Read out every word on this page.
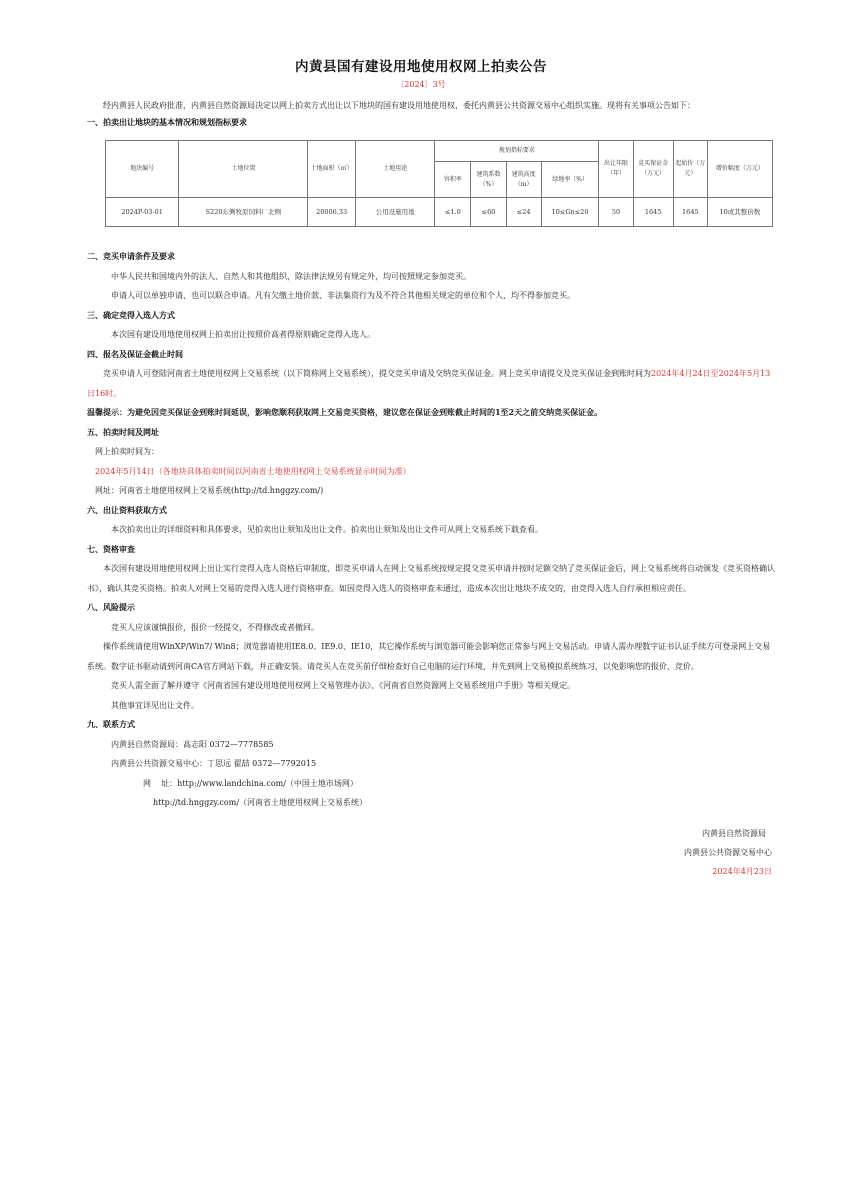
内黄县国有建设用地使用权网上拍卖公告
〔2024〕3号

经内黄县人民政府批准，内黄县自然资源局决定以网上拍卖方式出让以下地块的国有建设用地使用权，委托内黄县公共资源交易中心组织实施。现将有关事项公告如下：

一、拍卖出让地块的基本情况和规划指标要求

地块编号	土地位置	土地面积（㎡）	土地用途	规划指标要求				出让年限（年）	竞买保证金（万元）	起始价（万元）	增价幅度（万元）
				容积率	建筑系数（%）	建筑高度（m）	绿地率（%）				
2024P-03-01	S220东侧牧原饲料厂北侧	20006.33	公用设施用地	≤1.0	≤60	≤24	10≤Gn≤20	50	1645	1645	10或其整倍数

二、竞买申请条件及要求

中华人民共和国境内外的法人、自然人和其他组织，除法律法规另有规定外，均可按照规定参加竞买。

申请人可以单独申请，也可以联合申请。凡有欠缴土地价款、非法集资行为及不符合其他相关规定的单位和个人，均不得参加竞买。

三、确定竞得入选人方式

本次国有建设用地使用权网上拍卖出让按照价高者得原则确定竞得入选人。

四、报名及保证金截止时间

竞买申请人可登陆河南省土地使用权网上交易系统（以下简称网上交易系统），提交竞买申请及交纳竞买保证金。网上竞买申请提交及竞买保证金到账时间为2024年4月24日至2024年5月13日16时。

温馨提示：为避免因竞买保证金到账时间延误，影响您顺利获取网上交易竞买资格，建议您在保证金到账截止时间的1至2天之前交纳竞买保证金。

五、拍卖时间及网址

网上拍卖时间为：

2024年5月14日（各地块具体拍卖时间以河南省土地使用权网上交易系统显示时间为准）

网址：河南省土地使用权网上交易系统(http://td.hnggzy.com/)

六、出让资料获取方式

本次拍卖出让的详细资料和具体要求，见拍卖出让须知及出让文件。拍卖出让须知及出让文件可从网上交易系统下载查看。

七、资格审查

本次国有建设用地使用权网上出让实行竞得入选人资格后审制度，即竞买申请人在网上交易系统按规定提交竞买申请并按时足额交纳了竞买保证金后，网上交易系统将自动颁发《竞买资格确认书》，确认其竞买资格。拍卖人对网上交易的竞得入选人进行资格审查。如因竞得入选人的资格审查未通过，造成本次出让地块不成交的，由竞得入选人自行承担相应责任。

八、风险提示

竞买人应该谨慎报价，报价一经提交，不得修改或者撤回。

操作系统请使用WinXP/Win7/ Win8；浏览器请使用IE8.0、IE9.0、IE10，其它操作系统与浏览器可能会影响您正常参与网上交易活动。申请人需办理数字证书认证手续方可登录网上交易系统。数字证书驱动请到河南CA官方网站下载，并正确安装。请竞买人在竞买前仔细检查好自己电脑的运行环境，并先到网上交易模拟系统练习，以免影响您的报价、竞价。

竞买人需全面了解并遵守《河南省国有建设用地使用权网上交易管理办法》、《河南省自然资源网上交易系统用户手册》等相关规定。

其他事宜详见出让文件。

九、联系方式

内黄县自然资源局：高志阳 0372—7778585

内黄县公共资源交易中心：丁思远 翟喆 0372—7792015

网    址：http://www.landchina.com/（中国土地市场网）

http://td.hnggzy.com/（河南省土地使用权网上交易系统）

内黄县自然资源局
内黄县公共资源交易中心
2024年4月23日
